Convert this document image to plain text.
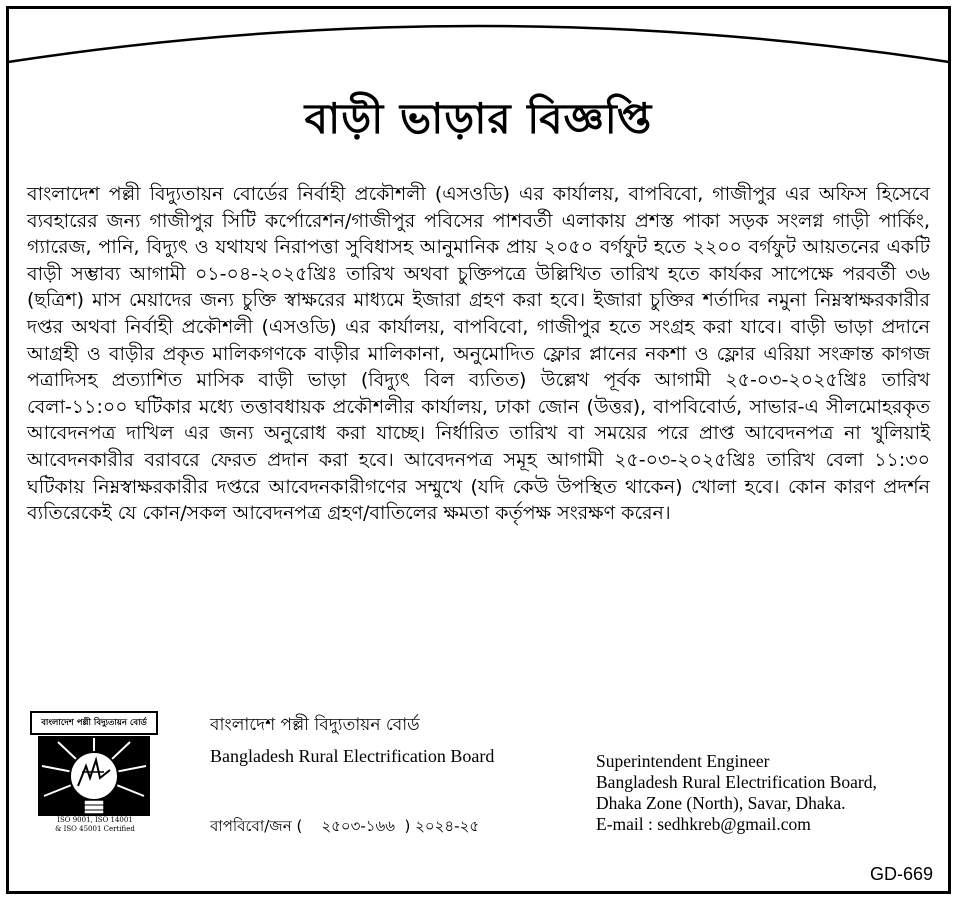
বাড়ী ভাড়ার বিজ্ঞপ্তি
বাংলাদেশ পল্লী বিদ্যুতায়ন বোর্ডের নির্বাহী প্রকৌশলী (এসওডি) এর কার্যালয়, বাপবিবো, গাজীপুর এর অফিস হিসেবে ব্যবহারের জন্য গাজীপুর সিটি কর্পোরেশন/গাজীপুর পবিসের পাশবর্তী এলাকায় প্রশস্ত পাকা সড়ক সংলগ্ন গাড়ী পার্কিং, গ্যারেজ, পানি, বিদ্যুৎ ও যথাযথ নিরাপত্তা সুবিধাসহ আনুমানিক প্রায় ২০৫০ বর্গফুট হতে ২২০০ বর্গফুট আয়তনের একটি বাড়ী সম্ভাব্য আগামী ০১-০৪-২০২৫খ্রিঃ তারিখ অথবা চুক্তিপত্রে উল্লিখিত তারিখ হতে কার্যকর সাপেক্ষে পরবর্তী ৩৬ (ছত্রিশ) মাস মেয়াদের জন্য চুক্তি স্বাক্ষরের মাধ্যমে ইজারা গ্রহণ করা হবে। ইজারা চুক্তির শর্তাদির নমুনা নিম্নস্বাক্ষরকারীর দপ্তর অথবা নির্বাহী প্রকৌশলী (এসওডি) এর কার্যালয়, বাপবিবো, গাজীপুর হতে সংগ্রহ করা যাবে। বাড়ী ভাড়া প্রদানে আগ্রহী ও বাড়ীর প্রকৃত মালিকগণকে বাড়ীর মালিকানা, অনুমোদিত ফ্লোর প্লানের নকশা ও ফ্লোর এরিয়া সংক্রান্ত কাগজ পত্রাদিসহ প্রত্যাশিত মাসিক বাড়ী ভাড়া (বিদ্যুৎ বিল ব্যতিত) উল্লেখ পূর্বক আগামী ২৫-০৩-২০২৫খ্রিঃ তারিখ বেলা-১১:০০ ঘটিকার মধ্যে তত্তাবধায়ক প্রকৌশলীর কার্যালয়, ঢাকা জোন (উত্তর), বাপবিবোর্ড, সাভার-এ সীলমোহরকৃত আবেদনপত্র দাখিল এর জন্য অনুরোধ করা যাচ্ছে। নির্ধারিত তারিখ বা সময়ের পরে প্রাপ্ত আবেদনপত্র না খুলিয়াই আবেদনকারীর বরাবরে ফেরত প্রদান করা হবে। আবেদনপত্র সমূহ আগামী ২৫-০৩-২০২৫খ্রিঃ তারিখ বেলা ১১:৩০ ঘটিকায় নিম্নস্বাক্ষরকারীর দপ্তরে আবেদনকারীগণের সম্মুখে (যদি কেউ উপস্থিত থাকেন) খোলা হবে। কোন কারণ প্রদর্শন ব্যতিরেকেই যে কোন/সকল আবেদনপত্র গ্রহণ/বাতিলের ক্ষমতা কর্তৃপক্ষ সংরক্ষণ করেন।
বাংলাদেশ পল্লী বিদ্যুতায়ন বোর্ড
ISO 9001, ISO 14001
& ISO 45001 Certified
বাংলাদেশ পল্লী বিদ্যুতায়ন বোর্ড
Bangladesh Rural Electrification Board
বাপবিবো/জন (    ২৫০৩-১৬৬  ) ২০২৪-২৫
Superintendent Engineer
Bangladesh Rural Electrification Board,
Dhaka Zone (North), Savar, Dhaka.
E-mail : sedhkreb@gmail.com
GD-669
